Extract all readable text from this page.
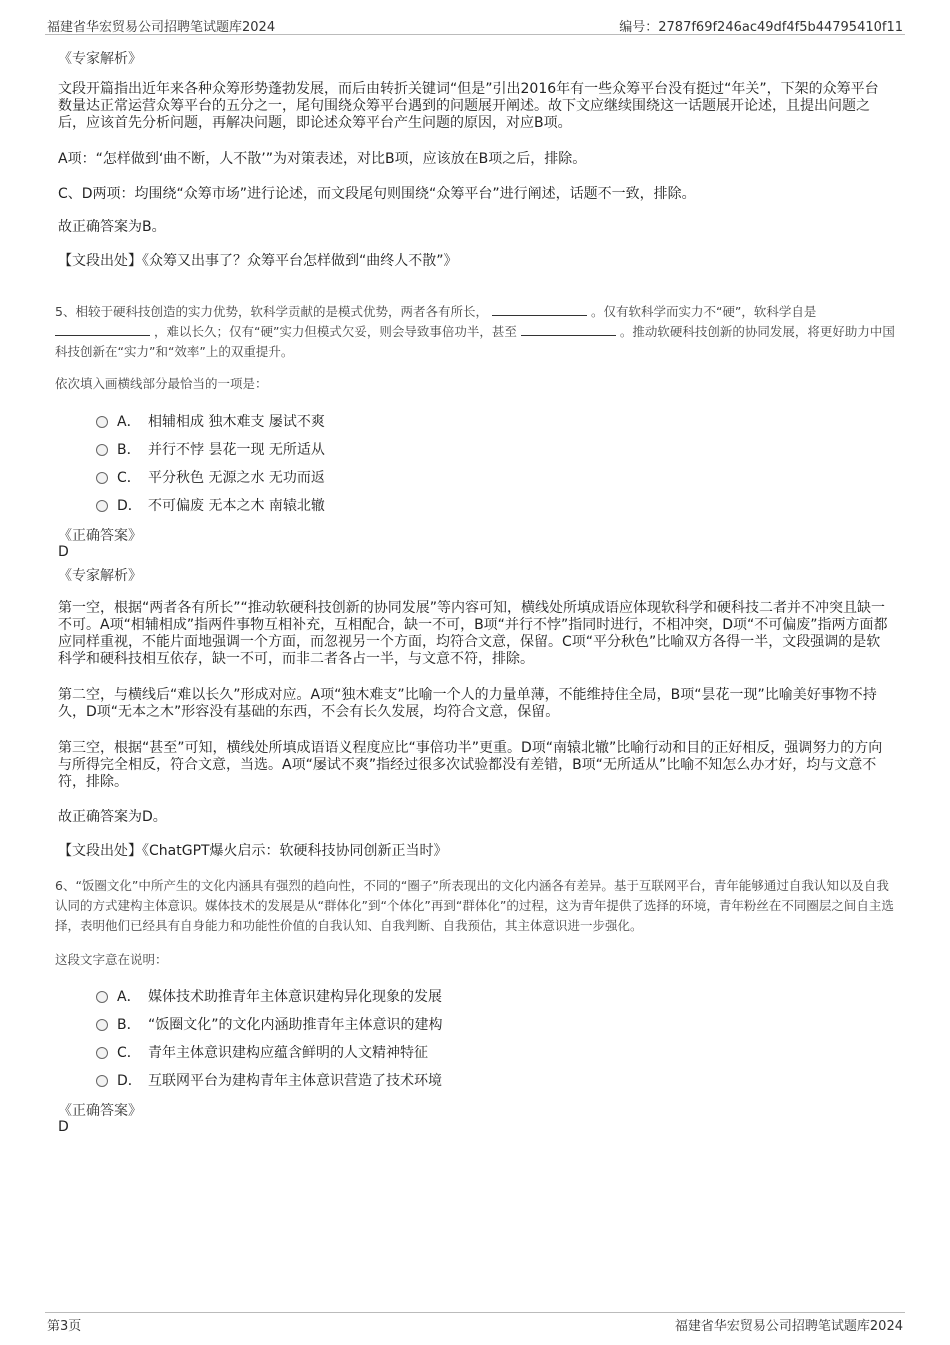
福建省华宏贸易公司招聘笔试题库2024	编号：2787f69f246ac49df4f5b44795410f11
《专家解析》
文段开篇指出近年来各种众筹形势蓬勃发展，而后由转折关键词“但是”引出2016年有一些众筹平台没有挺过“年关”，下架的众筹平台数量达正常运营众筹平台的五分之一，尾句围绕众筹平台遇到的问题展开阐述。故下文应继续围绕这一话题展开论述，且提出问题之后，应该首先分析问题，再解决问题，即论述众筹平台产生问题的原因，对应B项。
A项：“怎样做到‘曲不断，人不散’”为对策表述，对比B项，应该放在B项之后，排除。
C、D两项：均围绕“众筹市场”进行论述，而文段尾句则围绕“众筹平台”进行阐述，话题不一致，排除。
故正确答案为B。
【文段出处】《众筹又出事了？众筹平台怎样做到“曲终人不散”》
5、相较于硬科技创造的实力优势，软科学贡献的是模式优势，两者各有所长，	。仅有软科学而实力不“硬”，软科学自是  ，难以长久；仅有“硬”实力但模式欠妥，则会导致事倍功半，甚至	。推动软硬科技创新的协同发展，将更好助力中国科技创新在“实力”和“效率”上的双重提升。
依次填入画横线部分最恰当的一项是：
A． 相辅相成 独木难支 屡试不爽
B． 并行不悖 昙花一现 无所适从
C． 平分秋色 无源之水 无功而返
D． 不可偏废 无本之木 南辕北辙
《正确答案》
D
《专家解析》
第一空，根据“两者各有所长”“推动软硬科技创新的协同发展”等内容可知，横线处所填成语应体现软科学和硬科技二者并不冲突且缺一不可。A项“相辅相成”指两件事物互相补充，互相配合，缺一不可，B项“并行不悖”指同时进行，不相冲突，D项“不可偏废”指两方面都应同样重视，不能片面地强调一个方面，而忽视另一个方面，均符合文意，保留。C项“平分秋色”比喻双方各得一半，文段强调的是软科学和硬科技相互依存，缺一不可，而非二者各占一半，与文意不符，排除。
第二空，与横线后“难以长久”形成对应。A项“独木难支”比喻一个人的力量单薄，不能维持住全局，B项“昙花一现”比喻美好事物不持久，D项“无本之木”形容没有基础的东西，不会有长久发展，均符合文意，保留。
第三空，根据“甚至”可知，横线处所填成语语义程度应比“事倍功半”更重。D项“南辕北辙”比喻行动和目的正好相反，强调努力的方向与所得完全相反，符合文意，当选。A项“屡试不爽”指经过很多次试验都没有差错，B项“无所适从”比喻不知怎么办才好，均与文意不符，排除。
故正确答案为D。
【文段出处】《ChatGPT爆火启示：软硬科技协同创新正当时》
6、“饭圈文化”中所产生的文化内涵具有强烈的趋向性，不同的“圈子”所表现出的文化内涵各有差异。基于互联网平台，青年能够通过自我认知以及自我认同的方式建构主体意识。媒体技术的发展是从“群体化”到“个体化”再到“群体化”的过程，这为青年提供了选择的环境，青年粉丝在不同圈层之间自主选择，表明他们已经具有自身能力和功能性价值的自我认知、自我判断、自我预估，其主体意识进一步强化。
这段文字意在说明：
A． 媒体技术助推青年主体意识建构异化现象的发展
B． “饭圈文化”的文化内涵助推青年主体意识的建构
C． 青年主体意识建构应蕴含鲜明的人文精神特征
D． 互联网平台为建构青年主体意识营造了技术环境
《正确答案》
D
第3页	福建省华宏贸易公司招聘笔试题库2024
